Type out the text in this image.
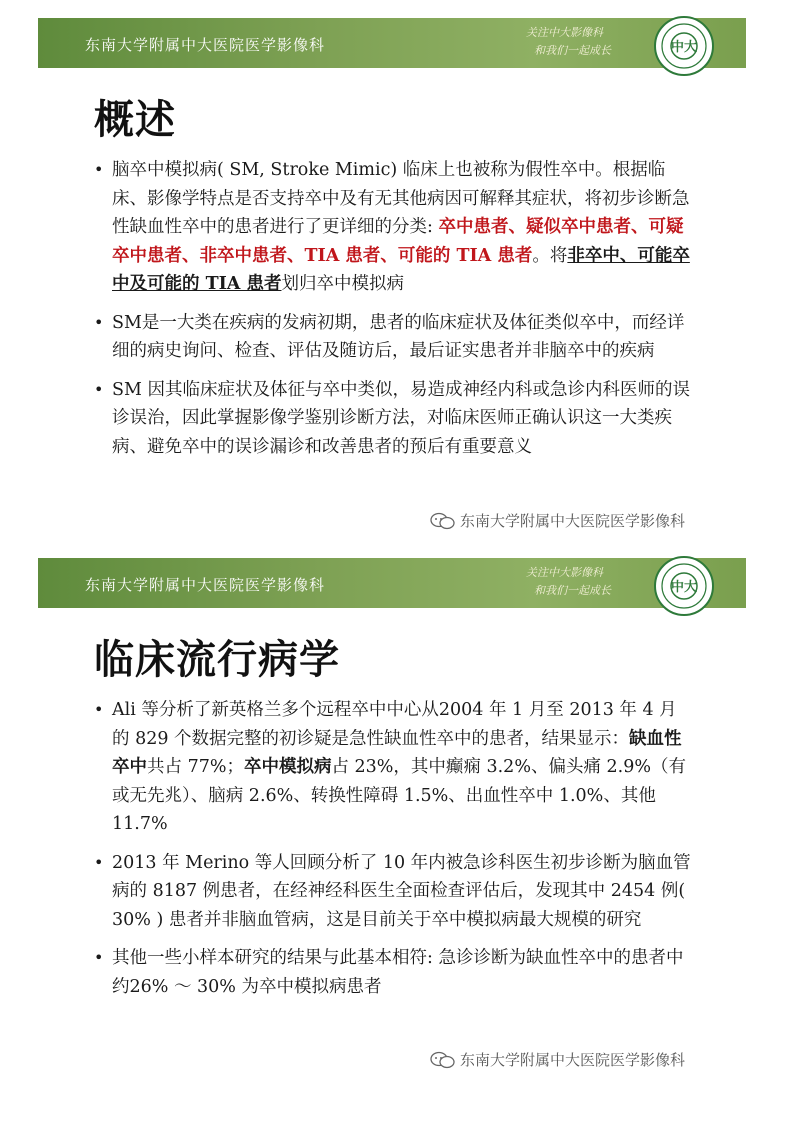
东南大学附属中大医院医学影像科
关注中大影像科
和我们一起成长	中大
概述
• 脑卒中模拟病( SM, Stroke Mimic) 临床上也被称为假性卒中。根据临床、影像学特点是否支持卒中及有无其他病因可解释其症状，将初步诊断急性缺血性卒中的患者进行了更详细的分类: 卒中患者、疑似卒中患者、可疑卒中患者、非卒中患者、TIA 患者、可能的 TIA 患者。将非卒中、可能卒中及可能的 TIA 患者划归卒中模拟病
• SM是一大类在疾病的发病初期，患者的临床症状及体征类似卒中，而经详细的病史询问、检查、评估及随访后，最后证实患者并非脑卒中的疾病
• SM 因其临床症状及体征与卒中类似，易造成神经内科或急诊内科医师的误诊误治，因此掌握影像学鉴别诊断方法，对临床医师正确认识这一大类疾病、避免卒中的误诊漏诊和改善患者的预后有重要意义
东南大学附属中大医院医学影像科
东南大学附属中大医院医学影像科
关注中大影像科
和我们一起成长	中大
临床流行病学
• Ali 等分析了新英格兰多个远程卒中中心从2004 年 1 月至 2013 年 4 月的 829 个数据完整的初诊疑是急性缺血性卒中的患者，结果显示：缺血性卒中共占 77%；卒中模拟病占 23%，其中癫痫 3.2%、偏头痛 2.9%（有或无先兆）、脑病 2.6%、转换性障碍 1.5%、出血性卒中 1.0%、其他 11.7%
• 2013 年 Merino 等人回顾分析了 10 年内被急诊科医生初步诊断为脑血管病的 8187 例患者，在经神经科医生全面检查评估后，发现其中 2454 例( 30% ) 患者并非脑血管病，这是目前关于卒中模拟病最大规模的研究
• 其他一些小样本研究的结果与此基本相符: 急诊诊断为缺血性卒中的患者中约26% ～ 30% 为卒中模拟病患者
东南大学附属中大医院医学影像科
